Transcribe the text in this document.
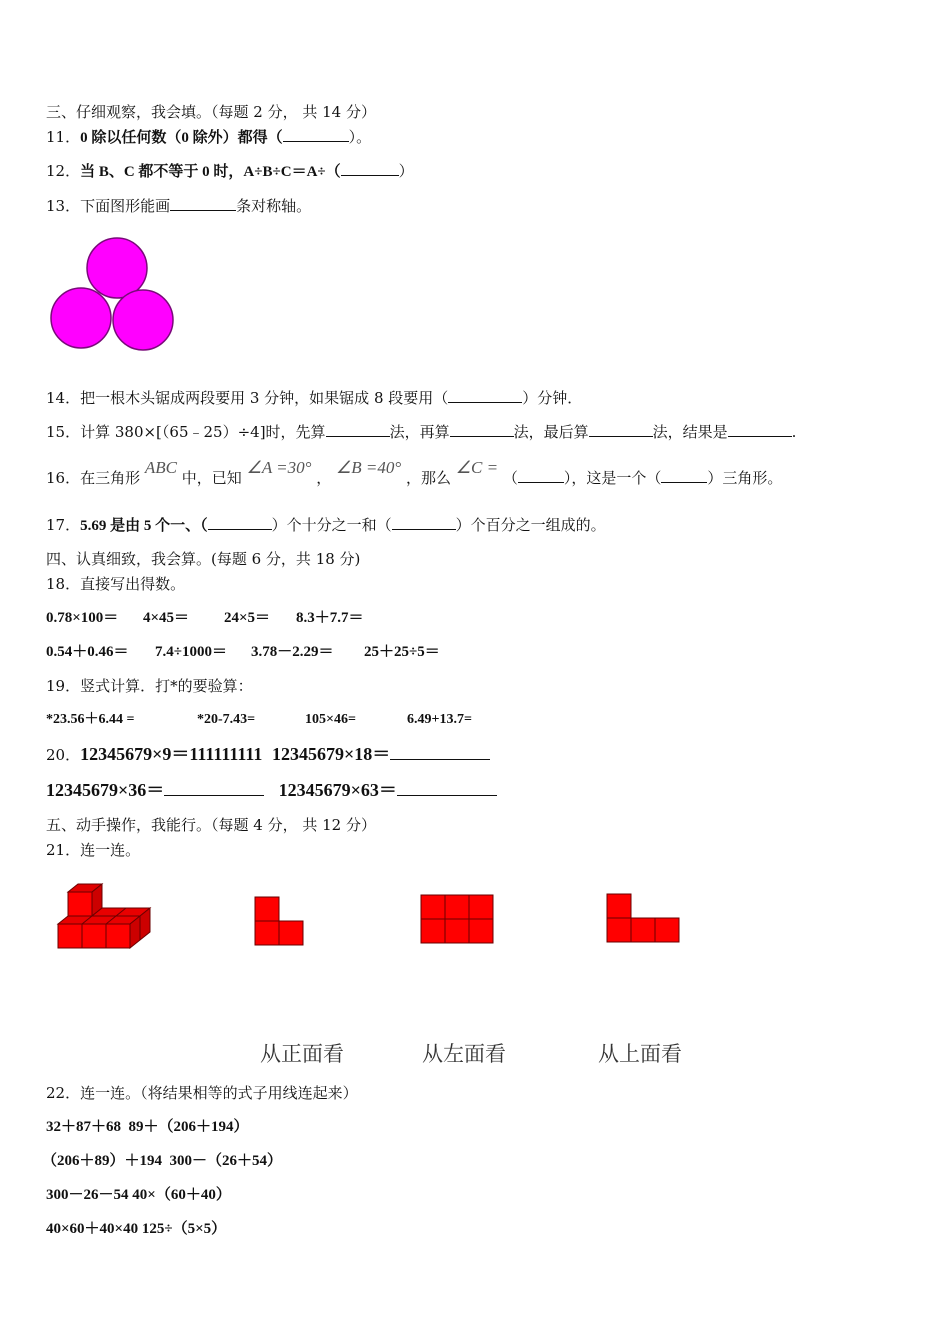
三、仔细观察，我会填。（每题 2 分， 共 14 分）
11．0 除以任何数（0 除外）都得（	）。
12．当 B、C 都不等于 0 时，A÷B÷C＝A÷（	）
13．下面图形能画	条对称轴。
14．把一根木头锯成两段要用 3 分钟，如果锯成 8 段要用（	）分钟．
15．计算 380×[（65﹣25）÷4]时，先算	法，再算	法，最后算	法，结果是	.
16．在三角形 ABC 中，已知 ∠A =30° ， ∠B =40° ，那么 ∠C = （	），这是一个（	）三角形。
17．5.69 是由 5 个一、（	）个十分之一和（	）个百分之一组成的。
四、认真细致，我会算。(每题 6 分，共 18 分)
18．直接写出得数。
0.78×100＝ 4×45＝ 24×5＝ 8.3＋7.7＝
0.54＋0.46＝ 7.4÷1000＝ 3.78－2.29＝ 25＋25÷5＝
19．竖式计算．打*的要验算：
*23.56＋6.44 =	*20-7.43=	105×46=	6.49+13.7=
20．12345679×9＝111111111 12345679×18＝
12345679×36＝	12345679×63＝
五、动手操作，我能行。（每题 4 分， 共 12 分）
21．连一连。
从正面看	从左面看	从上面看
22．连一连。（将结果相等的式子用线连起来）
32＋87＋68 89＋（206＋194）
（206＋89）＋194 300－（26＋54）
300－26－54 40×（60＋40）
40×60＋40×40 125÷（5×5）
